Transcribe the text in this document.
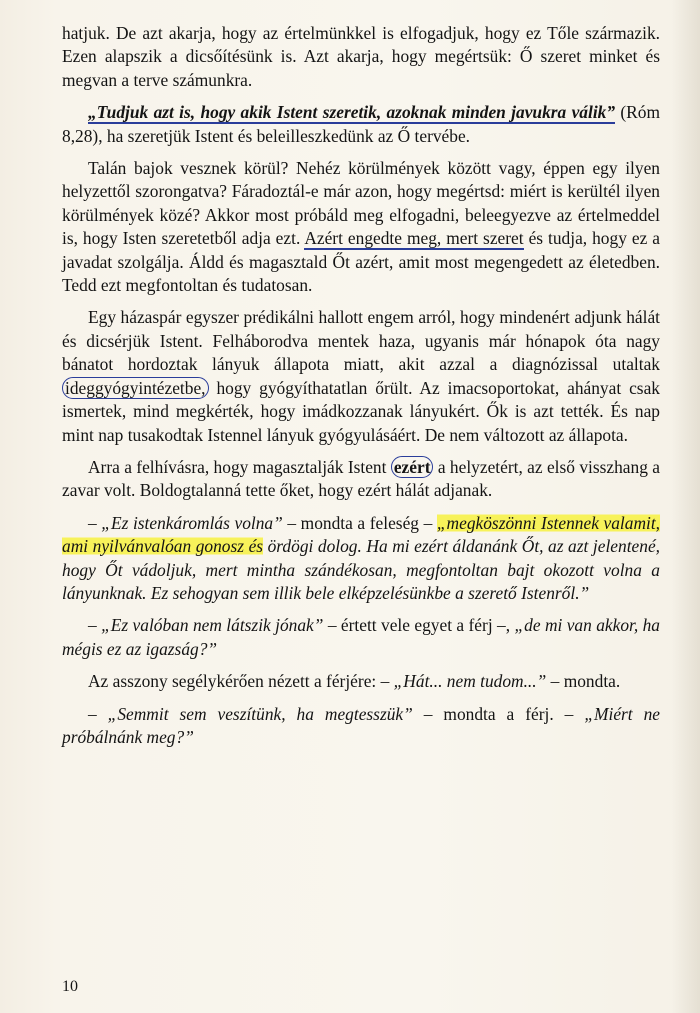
hatjuk. De azt akarja, hogy az értelmünkkel is elfogadjuk, hogy ez Tőle származik. Ezen alapszik a dicsőítésünk is. Azt akarja, hogy megértsük: Ő szeret minket és megvan a terve számunkra.

„Tudjuk azt is, hogy akik Istent szeretik, azoknak minden javukra válik” (Róm 8,28), ha szeretjük Istent és beleilleszkedünk az Ő tervébe.

Talán bajok vesznek körül? Nehéz körülmények között vagy, éppen egy ilyen helyzettől szorongatva? Fáradoztál-e már azon, hogy megértsd: miért is kerültél ilyen körülmények közé? Akkor most próbáld meg elfogadni, beleegyezve az értelmeddel is, hogy Isten szeretetből adja ezt. Azért engedte meg, mert szeret és tudja, hogy ez a javadat szolgálja. Áldd és magasztald Őt azért, amit most megengedett az életedben. Tedd ezt megfontoltan és tudatosan.

Egy házaspár egyszer prédikálni hallott engem arról, hogy mindenért adjunk hálát és dicsérjük Istent. Felháborodva mentek haza, ugyanis már hónapok óta nagy bánatot hordoztak lányuk állapota miatt, akit azzal a diagnózissal utaltak ideggyógyintézetbe, hogy gyógyíthatatlan őrült. Az imacsoportokat, ahányat csak ismertek, mind megkérték, hogy imádkozzanak lányukért. Ők is azt tették. És nap mint nap tusakodtak Istennel lányuk gyógyulásáért. De nem változott az állapota.

Arra a felhívásra, hogy magasztalják Istent ezért a helyzetért, az első visszhang a zavar volt. Boldogtalanná tette őket, hogy ezért hálát adjanak.

– „Ez istenkáromlás volna” – mondta a feleség – „megköszönni Istennek valamit, ami nyilvánvalóan gonosz és ördögi dolog. Ha mi ezért áldanánk Őt, az azt jelentené, hogy Őt vádoljuk, mert mintha szándékosan, megfontoltan bajt okozott volna a lányunknak. Ez sehogyan sem illik bele elképzelésünkbe a szerető Istenről.”

– „Ez valóban nem látszik jónak” – értett vele egyet a férj –, „de mi van akkor, ha mégis ez az igazság?”

Az asszony segélykérően nézett a férjére: – „Hát... nem tudom...” – mondta.

– „Semmit sem veszítünk, ha megtesszük” – mondta a férj. – „Miért ne próbálnánk meg?”

10
